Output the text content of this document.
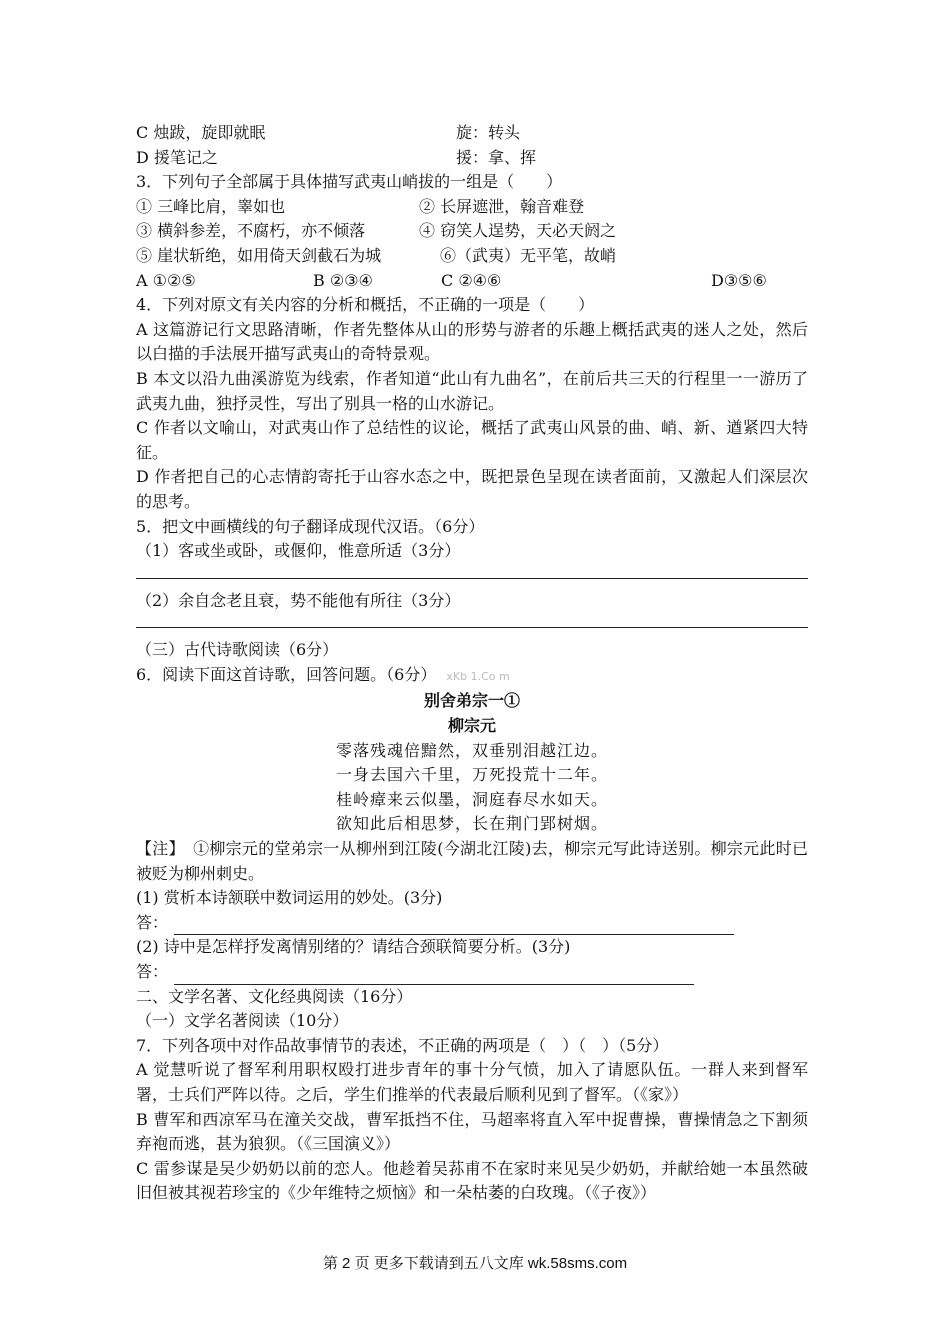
C 烛跋，旋即就眠	旋：转头
D 援笔记之	援：拿、挥
3．下列句子全部属于具体描写武夷山峭拔的一组是（　　）
① 三峰比肩，睾如也	② 长屏遮泄，翰音难登
③ 横斜参差，不腐朽，亦不倾落	④ 窃笑人逞势，天必天阏之
⑤ 崖状斩绝，如用倚天剑截石为城	⑥（武夷）无平笔，故峭
A ①②⑤	B ②③④	C ②④⑥	D③⑤⑥
4．下列对原文有关内容的分析和概括，不正确的一项是（　　）
A 这篇游记行文思路清晰，作者先整体从山的形势与游者的乐趣上概括武夷的迷人之处，然后以白描的手法展开描写武夷山的奇特景观。
B 本文以沿九曲溪游览为线索，作者知道“此山有九曲名”，在前后共三天的行程里一一游历了武夷九曲，独抒灵性，写出了别具一格的山水游记。
C 作者以文喻山，对武夷山作了总结性的议论，概括了武夷山风景的曲、峭、新、遒紧四大特征。
D 作者把自己的心志情韵寄托于山容水态之中，既把景色呈现在读者面前，又激起人们深层次的思考。
5．把文中画横线的句子翻译成现代汉语。（6分）
（1）客或坐或卧，或偃仰，惟意所适（3分）
（2）余自念老且衰，势不能他有所往（3分）
（三）古代诗歌阅读（6分）
6．阅读下面这首诗歌，回答问题。（6分） xKb 1.Co m
别舍弟宗一①
柳宗元
零落残魂倍黯然，双垂别泪越江边。
一身去国六千里，万死投荒十二年。
桂岭瘴来云似墨，洞庭春尽水如天。
欲知此后相思梦，长在荆门郢树烟。
【注】　①柳宗元的堂弟宗一从柳州到江陵(今湖北江陵)去，柳宗元写此诗送别。柳宗元此时已被贬为柳州刺史。
(1) 赏析本诗颔联中数词运用的妙处。(3分)
答：
(2) 诗中是怎样抒发离情别绪的？请结合颈联简要分析。(3分)
答：
二、文学名著、文化经典阅读（16分）
（一）文学名著阅读（10分）
7．下列各项中对作品故事情节的表述，不正确的两项是（　）（　）（5分）
A 觉慧听说了督军利用职权殴打进步青年的事十分气愤，加入了请愿队伍。一群人来到督军署，士兵们严阵以待。之后，学生们推举的代表最后顺利见到了督军。（《家》）
B 曹军和西凉军马在潼关交战，曹军抵挡不住，马超率将直入军中捉曹操，曹操情急之下割须弃袍而逃，甚为狼狈。（《三国演义》）
C 雷参谋是吴少奶奶以前的恋人。他趁着吴荪甫不在家时来见吴少奶奶，并献给她一本虽然破旧但被其视若珍宝的《少年维特之烦恼》和一朵枯萎的白玫瑰。（《子夜》）
第 2 页 更多下载请到五八文库 wk.58sms.com
